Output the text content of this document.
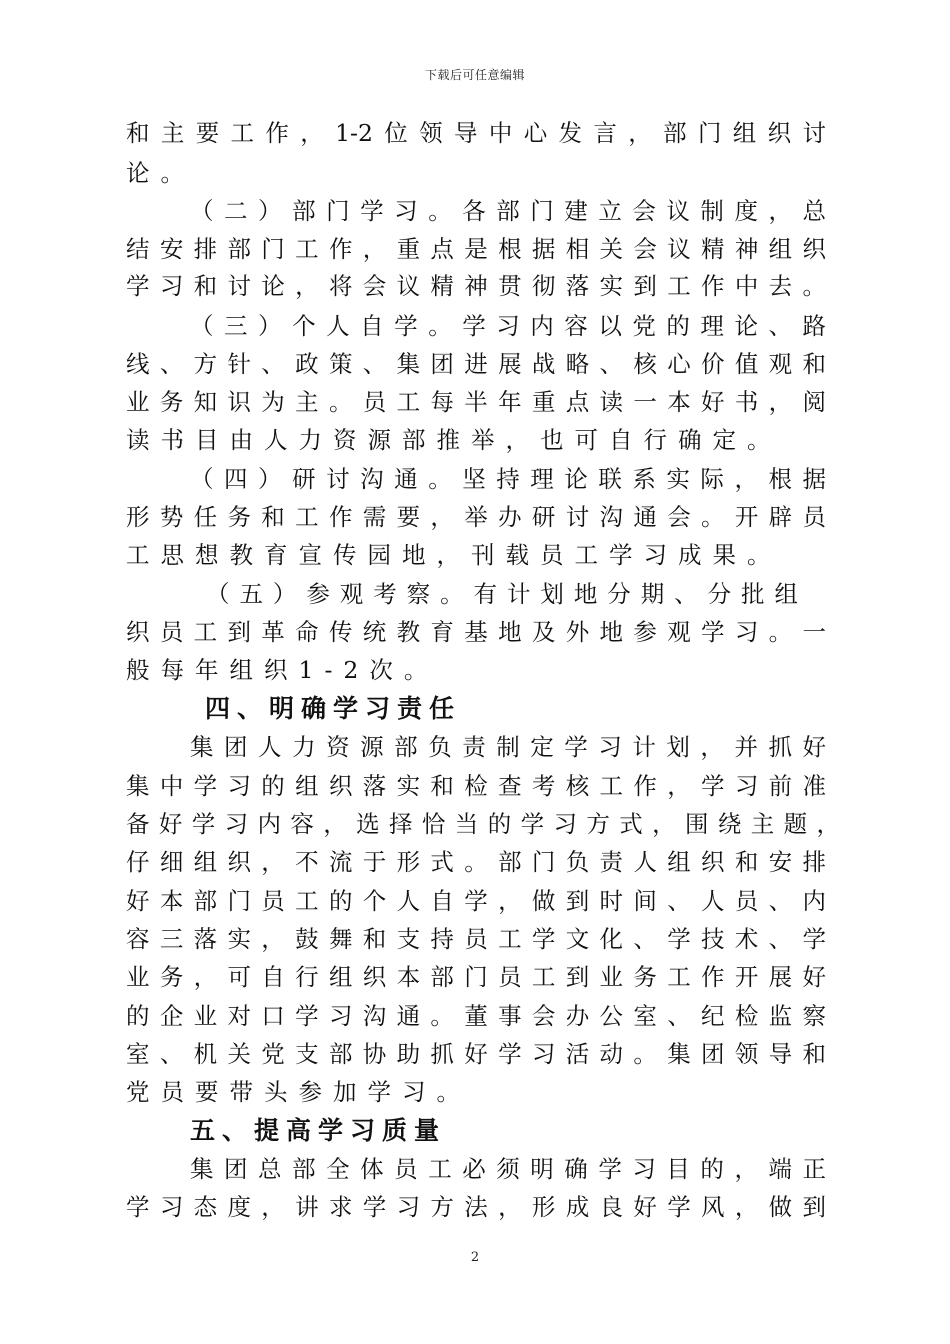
下载后可任意编辑
和主要工作，1-2位领导中心发言，部门组织讨
论。
（二）部门学习。各部门建立会议制度，总
结安排部门工作，重点是根据相关会议精神组织
学习和讨论，将会议精神贯彻落实到工作中去。
（三）个人自学。学习内容以党的理论、路
线、方针、政策、集团进展战略、核心价值观和
业务知识为主。员工每半年重点读一本好书，阅
读书目由人力资源部推举，也可自行确定。
（四）研讨沟通。坚持理论联系实际，根据
形势任务和工作需要，举办研讨沟通会。开辟员
工思想教育宣传园地，刊载员工学习成果。
（五）参观考察。有计划地分期、分批组
织员工到革命传统教育基地及外地参观学习。一
般每年组织1-2次。
四、明确学习责任
集团人力资源部负责制定学习计划，并抓好
集中学习的组织落实和检查考核工作，学习前准
备好学习内容，选择恰当的学习方式，围绕主题，
仔细组织，不流于形式。部门负责人组织和安排
好本部门员工的个人自学，做到时间、人员、内
容三落实，鼓舞和支持员工学文化、学技术、学
业务，可自行组织本部门员工到业务工作开展好
的企业对口学习沟通。董事会办公室、纪检监察
室、机关党支部协助抓好学习活动。集团领导和
党员要带头参加学习。
五、提高学习质量
集团总部全体员工必须明确学习目的，端正
学习态度，讲求学习方法，形成良好学风，做到
2
